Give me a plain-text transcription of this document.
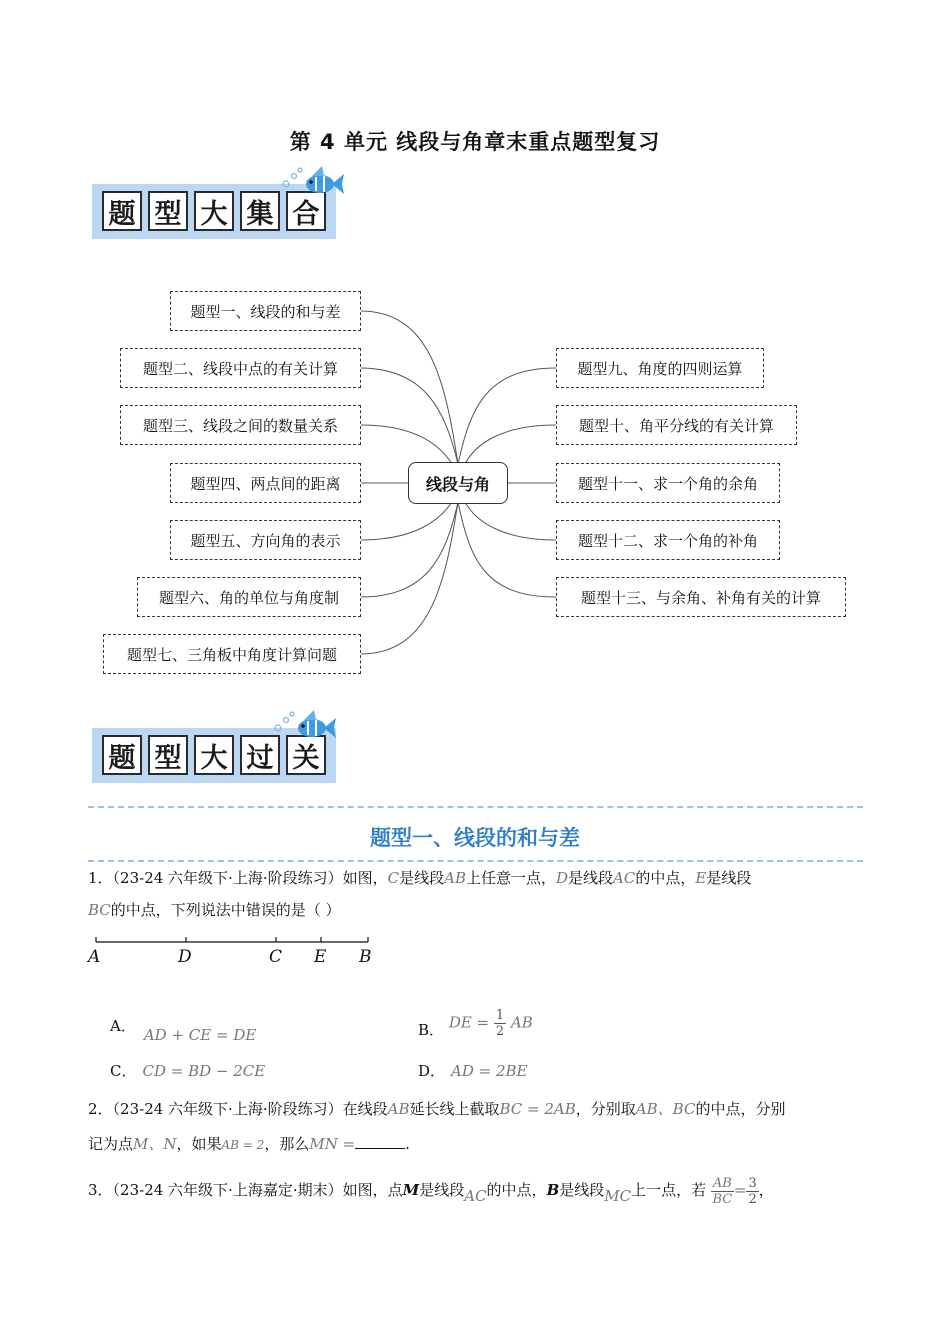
第 4 单元 线段与角章末重点题型复习
题 型 大 集 合
题型一、线段的和与差
题型二、线段中点的有关计算
题型三、线段之间的数量关系
题型四、两点间的距离
题型五、方向角的表示
题型六、角的单位与角度制
题型七、三角板中角度计算问题
线段与角
题型九、角度的四则运算
题型十、角平分线的有关计算
题型十一、求一个角的余角
题型十二、求一个角的补角
题型十三、与余角、补角有关的计算
题 型 大 过 关
题型一、线段的和与差
1．（23-24 六年级下·上海·阶段练习）如图，C是线段AB上任意一点，D是线段AC的中点，E是线段
BC的中点，下列说法中错误的是（ ）
A	D	C E B
A． AD + CE = DE	B． DE = $\frac{1}{2}$ AB
C． CD = BD − 2CE	D． AD = 2BE
2．（23-24 六年级下·上海·阶段练习）在线段AB延长线上截取BC = 2AB，分别取AB、BC的中点，分别
记为点M、N，如果AB = 2，那么MN =	.
3．（23-24 六年级下·上海嘉定·期末）如图，点M是线段AC的中点，B是线段MC上一点，若 $\frac{AB}{BC} = \frac{3}{2}$ ，
